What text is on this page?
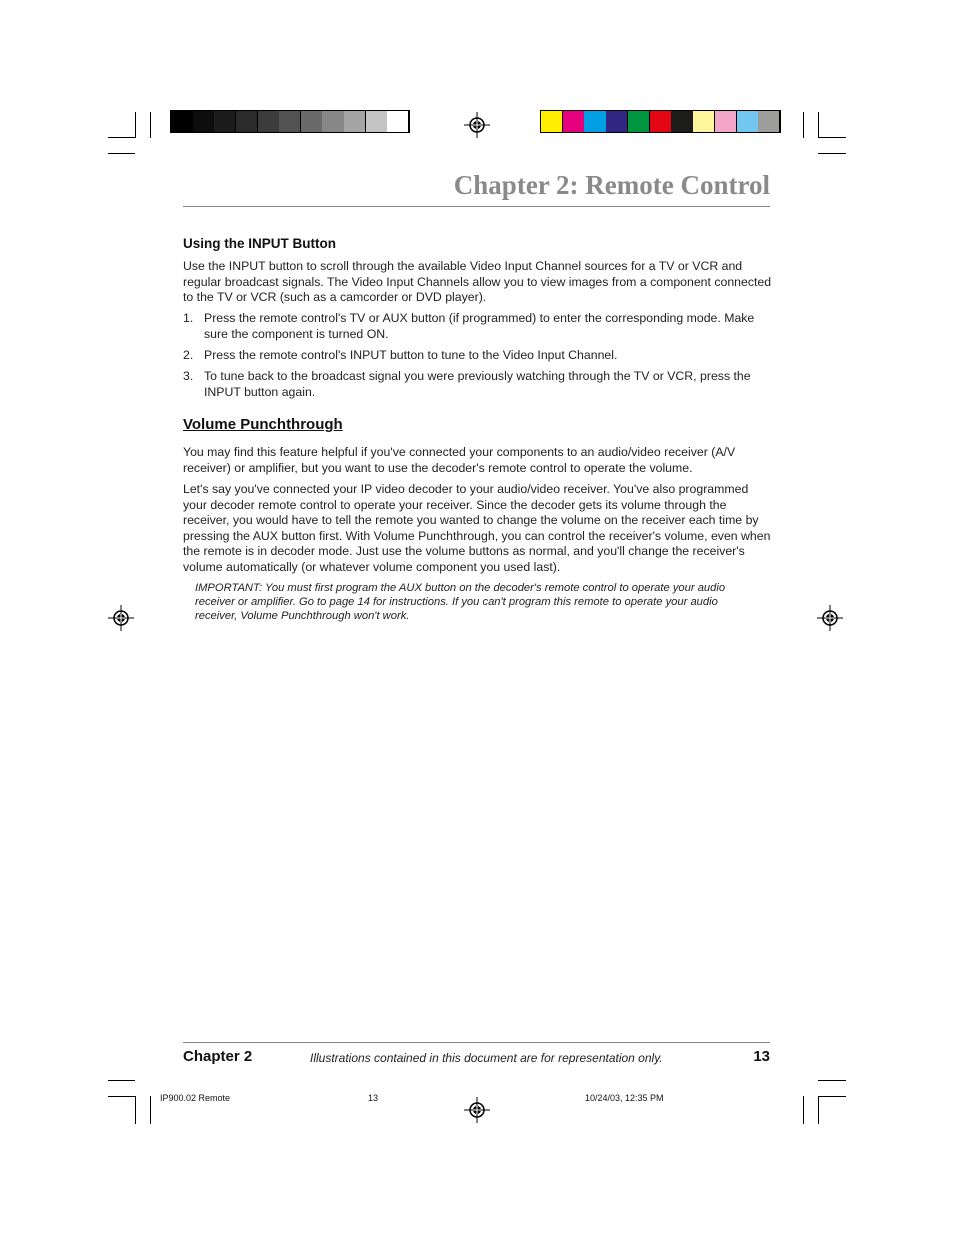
Chapter 2: Remote Control
Using the INPUT Button

Use the INPUT button to scroll through the available Video Input Channel sources for a TV or VCR and regular broadcast signals. The Video Input Channels allow you to view images from a component connected to the TV or VCR (such as a camcorder or DVD player).

1. Press the remote control's TV or AUX button (if programmed) to enter the corresponding mode. Make sure the component is turned ON.
2. Press the remote control's INPUT button to tune to the Video Input Channel.
3. To tune back to the broadcast signal you were previously watching through the TV or VCR, press the INPUT button again.
Volume Punchthrough

You may find this feature helpful if you've connected your components to an audio/video receiver (A/V receiver) or amplifier, but you want to use the decoder's remote control to operate the volume.

Let's say you've connected your IP video decoder to your audio/video receiver. You've also programmed your decoder remote control to operate your receiver. Since the decoder gets its volume through the receiver, you would have to tell the remote you wanted to change the volume on the receiver each time by pressing the AUX button first. With Volume Punchthrough, you can control the receiver's volume, even when the remote is in decoder mode. Just use the volume buttons as normal, and you'll change the receiver's volume automatically (or whatever volume component you used last).

IMPORTANT: You must first program the AUX button on the decoder's remote control to operate your audio receiver or amplifier. Go to page 14 for instructions. If you can't program this remote to operate your audio receiver, Volume Punchthrough won't work.
Chapter 2	Illustrations contained in this document are for representation only.	13
IP900.02 Remote	13	10/24/03, 12:35 PM
